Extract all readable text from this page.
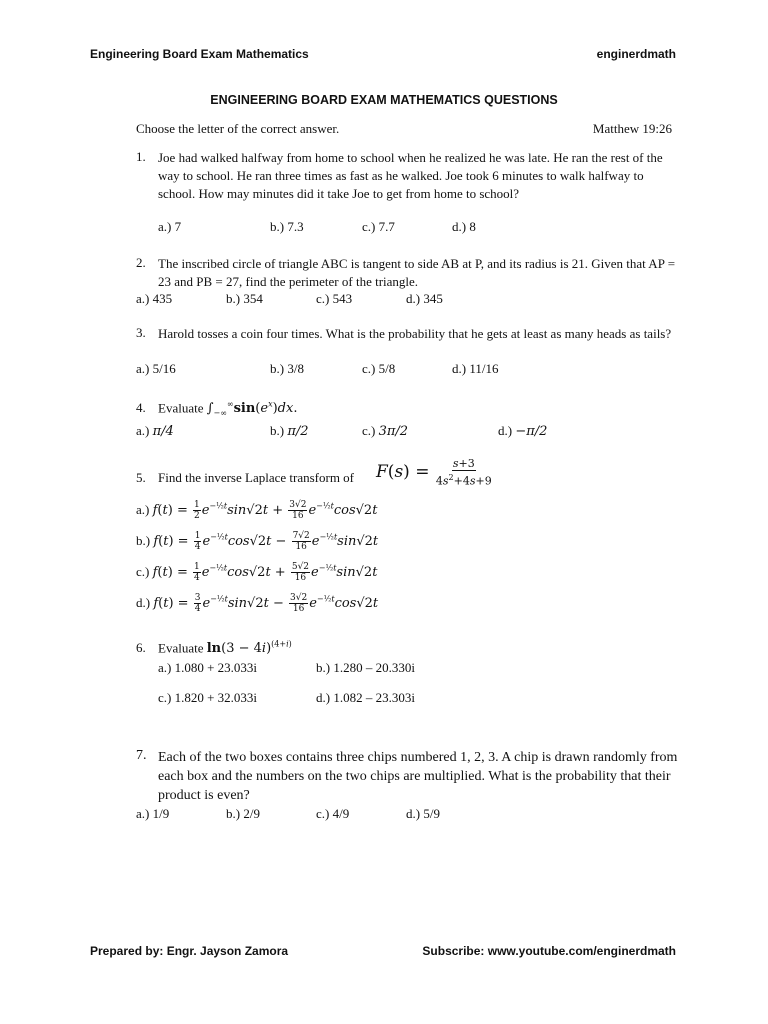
Engineering Board Exam Mathematics	enginerdmath
ENGINEERING BOARD EXAM MATHEMATICS QUESTIONS
Choose the letter of the correct answer.	Matthew 19:26
1. Joe had walked halfway from home to school when he realized he was late. He ran the rest of the way to school. He ran three times as fast as he walked. Joe took 6 minutes to walk halfway to school. How may minutes did it take Joe to get from home to school?
a.) 7	b.) 7.3	c.) 7.7	d.) 8
2. The inscribed circle of triangle ABC is tangent to side AB at P, and its radius is 21. Given that AP = 23 and PB = 27, find the perimeter of the triangle.
a.) 435	b.) 354	c.) 543	d.) 345
3. Harold tosses a coin four times. What is the probability that he gets at least as many heads as tails?
a.) 5/16	b.) 3/8	c.) 5/8	d.) 11/16
4. Evaluate $\int_{-\infty}^\infty\sin(e^x)dx$.
a.) π/4	b.) π/2	c.) 3π/2	d.) −π/2
5. Find the inverse Laplace transform of $F(s) = \frac{s+3}{4s^2+4s+9}$
a.) $f(t) = \frac{1}{2} e^{-\frac{1}{2}t}\sin√2t + \frac{3√2}{16} e^{-\frac{1}{2}t}\cos√2t$
b.) $f(t) = \frac{1}{4} e^{-\frac{1}{2}t}\cos√2t - \frac{7√2}{16} e^{-\frac{1}{2}t}\sin√2t$
c.) $f(t) = \frac{1}{4} e^{-\frac{1}{2}t}\cos√2t + \frac{5√2}{16} e^{-\frac{1}{2}t}\sin√2t$
d.) $f(t) = \frac{3}{4} e^{-\frac{1}{2}t}\sin√2t - \frac{3√2}{16} e^{-\frac{1}{2}t}\cos√2t$
6. Evaluate $\ln(3 - 4i)^{(4+i)}$
a.) 1.080 + 23.033i	b.) 1.280 – 20.330i
c.) 1.820 + 32.033i	d.) 1.082 – 23.303i
7. Each of the two boxes contains three chips numbered 1, 2, 3. A chip is drawn randomly from each box and the numbers on the two chips are multiplied. What is the probability that their product is even?
a.) 1/9	b.) 2/9	c.) 4/9	d.) 5/9
Prepared by: Engr. Jayson Zamora	Subscribe: www.youtube.com/enginerdmath
